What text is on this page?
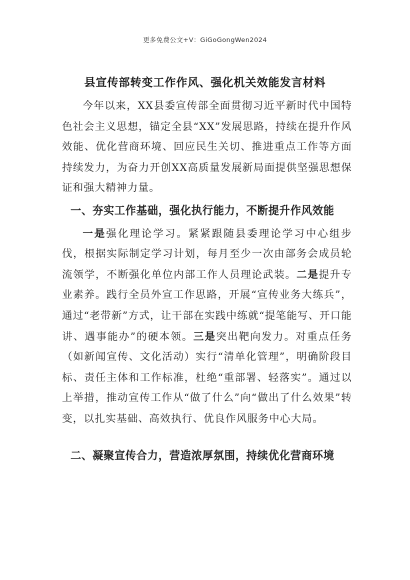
更多免费公文+V：GiGoGongWen2024
县宣传部转变工作作风、强化机关效能发言材料

今年以来，XX县委宣传部全面贯彻习近平新时代中国特色社会主义思想，锚定全县“XX”发展思路，持续在提升作风效能、优化营商环境、回应民生关切、推进重点工作等方面持续发力，为奋力开创XX高质量发展新局面提供坚强思想保证和强大精神力量。

一、夯实工作基础，强化执行能力，不断提升作风效能

一是强化理论学习。紧紧跟随县委理论学习中心组步伐，根据实际制定学习计划，每月至少一次由部务会成员轮流领学，不断强化单位内部工作人员理论武装。二是提升专业素养。践行全员外宣工作思路，开展“宣传业务大练兵”，通过“老带新”方式，让干部在实践中练就“提笔能写、开口能讲、遇事能办”的硬本领。三是突出靶向发力。对重点任务（如新闻宣传、文化活动）实行“清单化管理”，明确阶段目标、责任主体和工作标准，杜绝“重部署、轻落实”。通过以上举措，推动宣传工作从“做了什么”向“做出了什么效果”转变，以扎实基础、高效执行、优良作风服务中心大局。

二、凝聚宣传合力，营造浓厚氛围，持续优化营商环境
